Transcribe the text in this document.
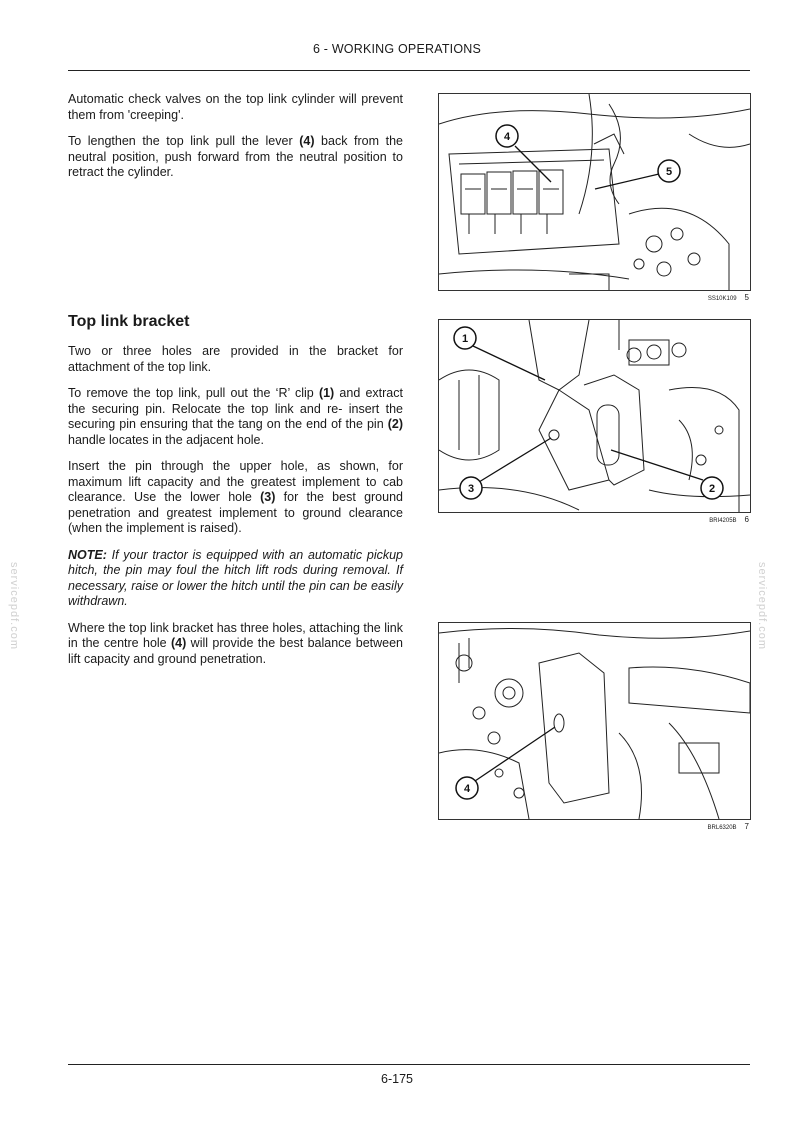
6 - WORKING OPERATIONS

Automatic check valves on the top link cylinder will prevent them from 'creeping'.

To lengthen the top link pull the lever (4) back from the neutral position, push forward from the neutral position to retract the cylinder.

Top link bracket

Two or three holes are provided in the bracket for attachment of the top link.

To remove the top link, pull out the ‘R’ clip (1) and extract the securing pin. Relocate the top link and re- insert the securing pin ensuring that the tang on the end of the pin (2) handle locates in the adjacent hole.

Insert the pin through the upper hole, as shown, for maximum lift capacity and the greatest implement to cab clearance. Use the lower hole (3) for the best ground penetration and greatest implement to ground clearance (when the implement is raised).

NOTE: If your tractor is equipped with an automatic pickup hitch, the pin may foul the hitch lift rods during removal. If necessary, raise or lower the hitch until the pin can be easily withdrawn.

Where the top link bracket has three holes, attaching the link in the centre hole (4) will provide the best balance between lift capacity and ground penetration.

4
5
SS10K109 5
1
3	2
BRI4205B 6
4
BRL6320B 7
servicepdf.com	servicepdf.com
6-175
